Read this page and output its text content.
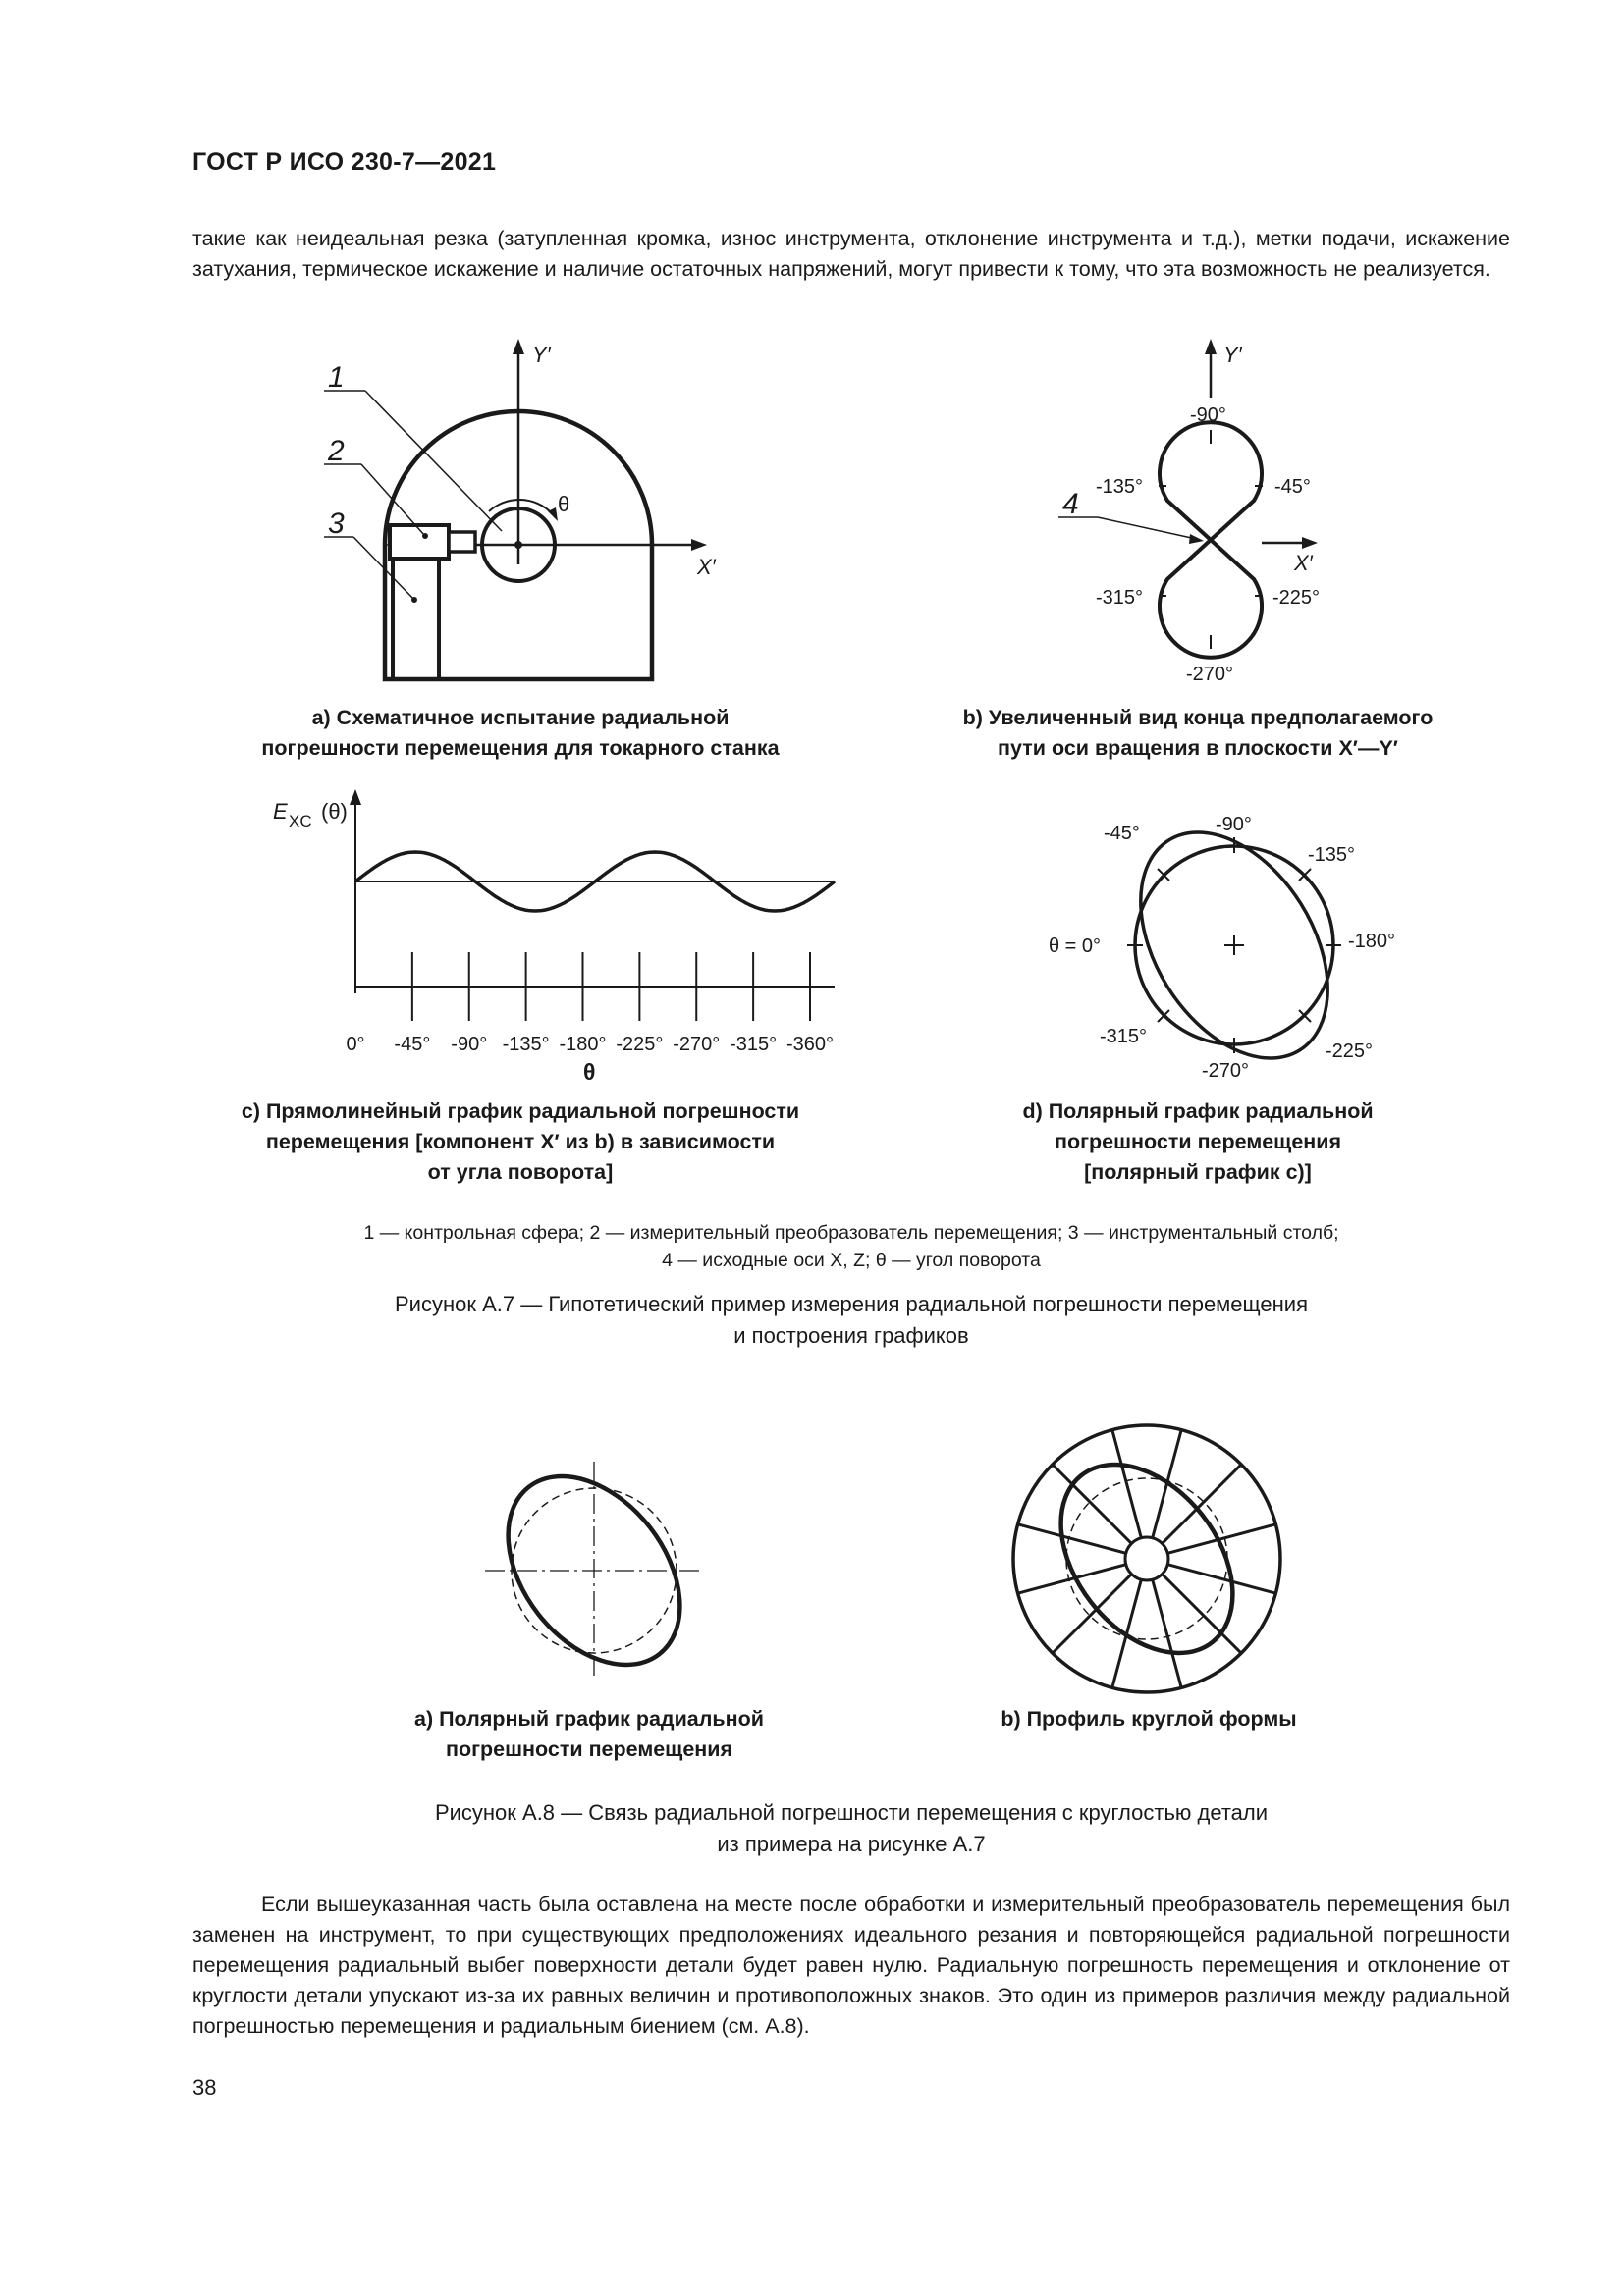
ГОСТ Р ИСО 230-7—2021

такие как неидеальная резка (затупленная кромка, износ инструмента, отклонение инструмента и т.д.), метки подачи, искажение затухания, термическое искажение и наличие остаточных напряжений, могут привести к тому, что эта возможность не реализуется.

θ
Y′
X′
1
2
3
Y′
X′
-90°
-135°	-45°
-315°	-225°
-270°
4
а) Схематичное испытание радиальной
погрешности перемещения для токарного станка
b) Увеличенный вид конца предполагаемого
пути оси вращения в плоскости X′—Y′
E XC (θ)
0° -45° -90° -135° -180° -225° -270° -315° -360°
θ
-90°
-45°
-135°
θ = 0°	-180°
-315°
-270°
-225°
с) Прямолинейный график радиальной погрешности
перемещения [компонент X′ из b) в зависимости
от угла поворота]
d) Полярный график радиальной
погрешности перемещения
[полярный график с)]
1 — контрольная сфера; 2 — измерительный преобразователь перемещения; 3 — инструментальный столб;
4 — исходные оси X, Z; θ — угол поворота
Рисунок А.7 — Гипотетический пример измерения радиальной погрешности перемещения
и построения графиков
а) Полярный график радиальной
погрешности перемещения
b) Профиль круглой формы
Рисунок А.8 — Связь радиальной погрешности перемещения с круглостью детали
из примера на рисунке А.7

Если вышеуказанная часть была оставлена на месте после обработки и измерительный преобразователь перемещения был заменен на инструмент, то при существующих предположениях идеального резания и повторяющейся радиальной погрешности перемещения радиальный выбег поверхности детали будет равен нулю. Радиальную погрешность перемещения и отклонение от круглости детали упускают из-за их равных величин и противоположных знаков. Это один из примеров различия между радиальной погрешностью перемещения и радиальным биением (см. А.8).

38
